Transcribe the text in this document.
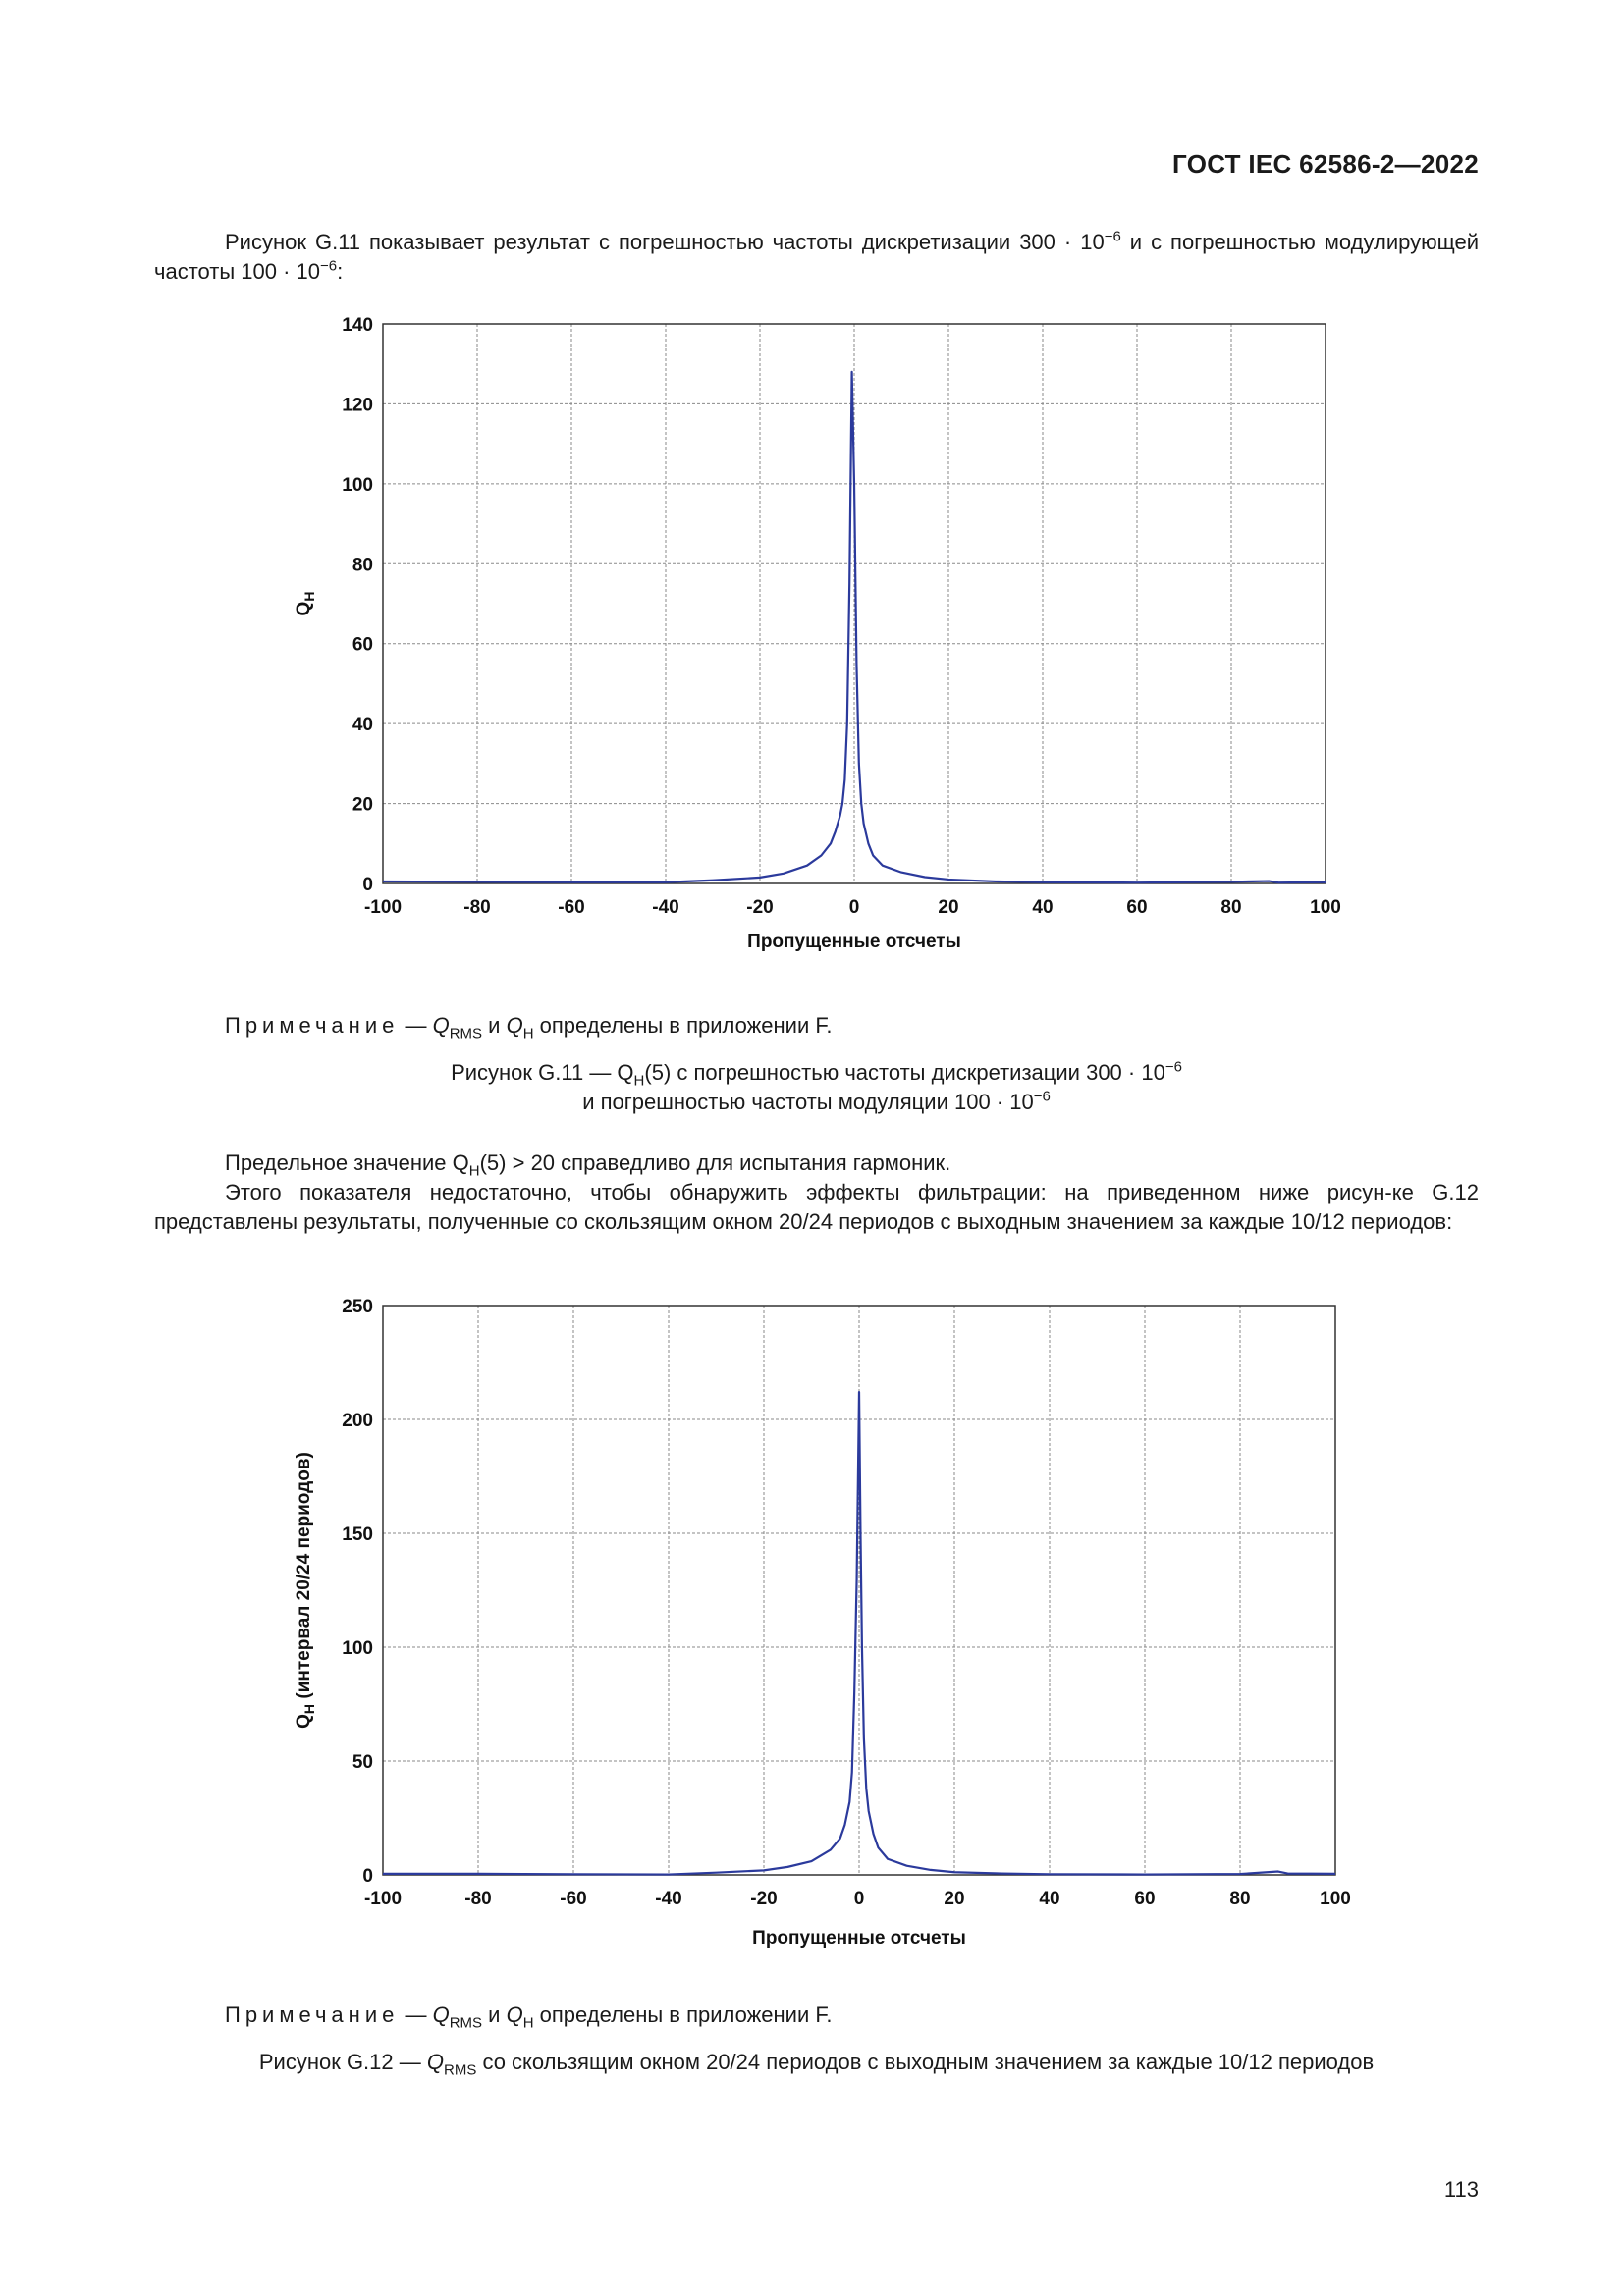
ГОСТ IEC 62586-2—2022
Рисунок G.11 показывает результат с погрешностью частоты дискретизации $300 \cdot 10^{-6}$ и с погрешностью модулирующей частоты $100 \cdot 10^{-6}$:
-100	-80	-60	-40	-20	0	20	40	60	80	100
0
20
40
60
80
100
120
140
Пропущенные отсчеты
$Q_H$
Примечание — $Q_{RMS}$ и $Q_H$ определены в приложении F.
Рисунок G.11 — $Q_H(5)$ с погрешностью частоты дискретизации $300 \cdot 10^{-6}$
и погрешностью частоты модуляции $100 \cdot 10^{-6}$
Предельное значение $Q_H(5) > 20$ справедливо для испытания гармоник.
Этого показателя недостаточно, чтобы обнаружить эффекты фильтрации: на приведенном ниже рисун-ке G.12 представлены результаты, полученные со скользящим окном 20/24 периодов с выходным значением за каждые 10/12 периодов:
-100	-80	-60	-40	-20	0	20	40	60	80	100
0
50
100
150
200
250
Пропущенные отсчеты
$Q_H$ (интервал 20/24 периодов)
Примечание — $Q_{RMS}$ и $Q_H$ определены в приложении F.
Рисунок G.12 — $Q_{RMS}$ со скользящим окном 20/24 периодов с выходным значением за каждые 10/12 периодов
113
